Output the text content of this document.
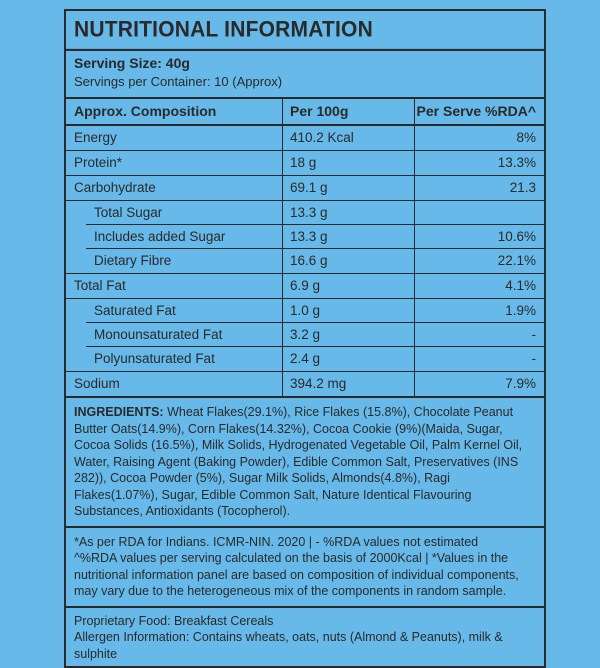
NUTRITIONAL INFORMATION
Serving Size: 40g
Servings per Container: 10 (Approx)
Approx. Composition	Per 100g	Per Serve %RDA^
Energy	410.2 Kcal	8%
Protein*	18 g	13.3%
Carbohydrate	69.1 g	21.3
Total Sugar	13.3 g
Includes added Sugar	13.3 g	10.6%
Dietary Fibre	16.6 g	22.1%
Total Fat	6.9 g	4.1%
Saturated Fat	1.0 g	1.9%
Monounsaturated Fat	3.2 g	-
Polyunsaturated Fat	2.4 g	-
Sodium	394.2 mg	7.9%
INGREDIENTS: Wheat Flakes(29.1%), Rice Flakes (15.8%), Chocolate Peanut Butter Oats(14.9%), Corn Flakes(14.32%), Cocoa Cookie (9%)(Maida, Sugar, Cocoa Solids (16.5%), Milk Solids, Hydrogenated Vegetable Oil, Palm Kernel Oil, Water, Raising Agent (Baking Powder), Edible Common Salt, Preservatives (INS 282)), Cocoa Powder (5%), Sugar Milk Solids, Almonds(4.8%), Ragi Flakes(1.07%), Sugar, Edible Common Salt, Nature Identical Flavouring Substances, Antioxidants (Tocopherol).
*As per RDA for Indians. ICMR-NIN. 2020 | - %RDA values not estimated
^%RDA values per serving calculated on the basis of 2000Kcal | *Values in the nutritional information panel are based on composition of individual components, may vary due to the heterogeneous mix of the components in random sample.
Proprietary Food: Breakfast Cereals
Allergen Information: Contains wheats, oats, nuts (Almond & Peanuts), milk & sulphite
